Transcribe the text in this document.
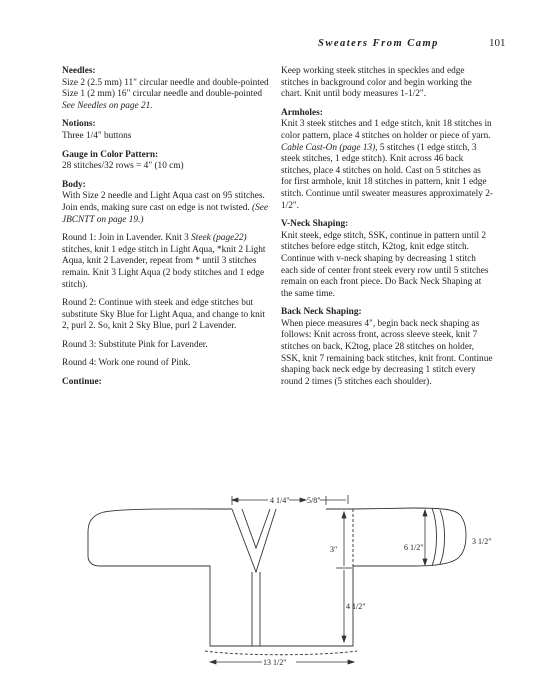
Sweaters From Camp	101

Needles:
Size 2 (2.5 mm) 11" circular needle and double-pointed
Size 1 (2 mm) 16" circular needle and double-pointed
See Needles on page 21.

Notions:
Three 1/4" buttons

Gauge in Color Pattern:
28 stitches/32 rows = 4" (10 cm)

Body:
With Size 2 needle and Light Aqua cast on 95 stitches. Join ends, making sure cast on edge is not twisted. (See JBCNTT on page 19.)

Round 1: Join in Lavender. Knit 3 Steek (page22) stitches, knit 1 edge stitch in Light Aqua, *knit 2 Light Aqua, knit 2 Lavender, repeat from * until 3 stitches remain. Knit 3 Light Aqua (2 body stitches and 1 edge stitch).

Round 2: Continue with steek and edge stitches but substitute Sky Blue for Light Aqua, and change to knit 2, purl 2. So, knit 2 Sky Blue, purl 2 Lavender.

Round 3: Substitute Pink for Lavender.

Round 4: Work one round of Pink.

Continue:

Keep working steek stitches in speckles and edge stitches in background color and begin working the chart. Knit until body measures 1-1/2".

Armholes:
Knit 3 steek stitches and 1 edge stitch, knit 18 stitches in color pattern, place 4 stitches on holder or piece of yarn. Cable Cast-On (page 13), 5 stitches (1 edge stitch, 3 steek stitches, 1 edge stitch). Knit across 46 back stitches, place 4 stitches on hold. Cast on 5 stitches as for first armhole, knit 18 stitches in pattern, knit 1 edge stitch. Continue until sweater measures approximately 2-1/2".

V-Neck Shaping:
Knit steek, edge stitch, SSK, continue in pattern until 2 stitches before edge stitch, K2tog, knit edge stitch. Continue with v-neck shaping by decreasing 1 stitch each side of center front steek every row until 5 stitches remain on each front piece. Do Back Neck Shaping at the same time.

Back Neck Shaping:
When piece measures 4", begin back neck shaping as follows: Knit across front, across sleeve steek, knit 7 stitches on back, K2tog, place 28 stitches on holder, SSK, knit 7 remaining back stitches, knit front. Continue shaping back neck edge by decreasing 1 stitch every round 2 times (5 stitches each shoulder).

4 1/4" 5/8"
3"	6 1/2"
3 1/2"
4 1/2"
13 1/2"
